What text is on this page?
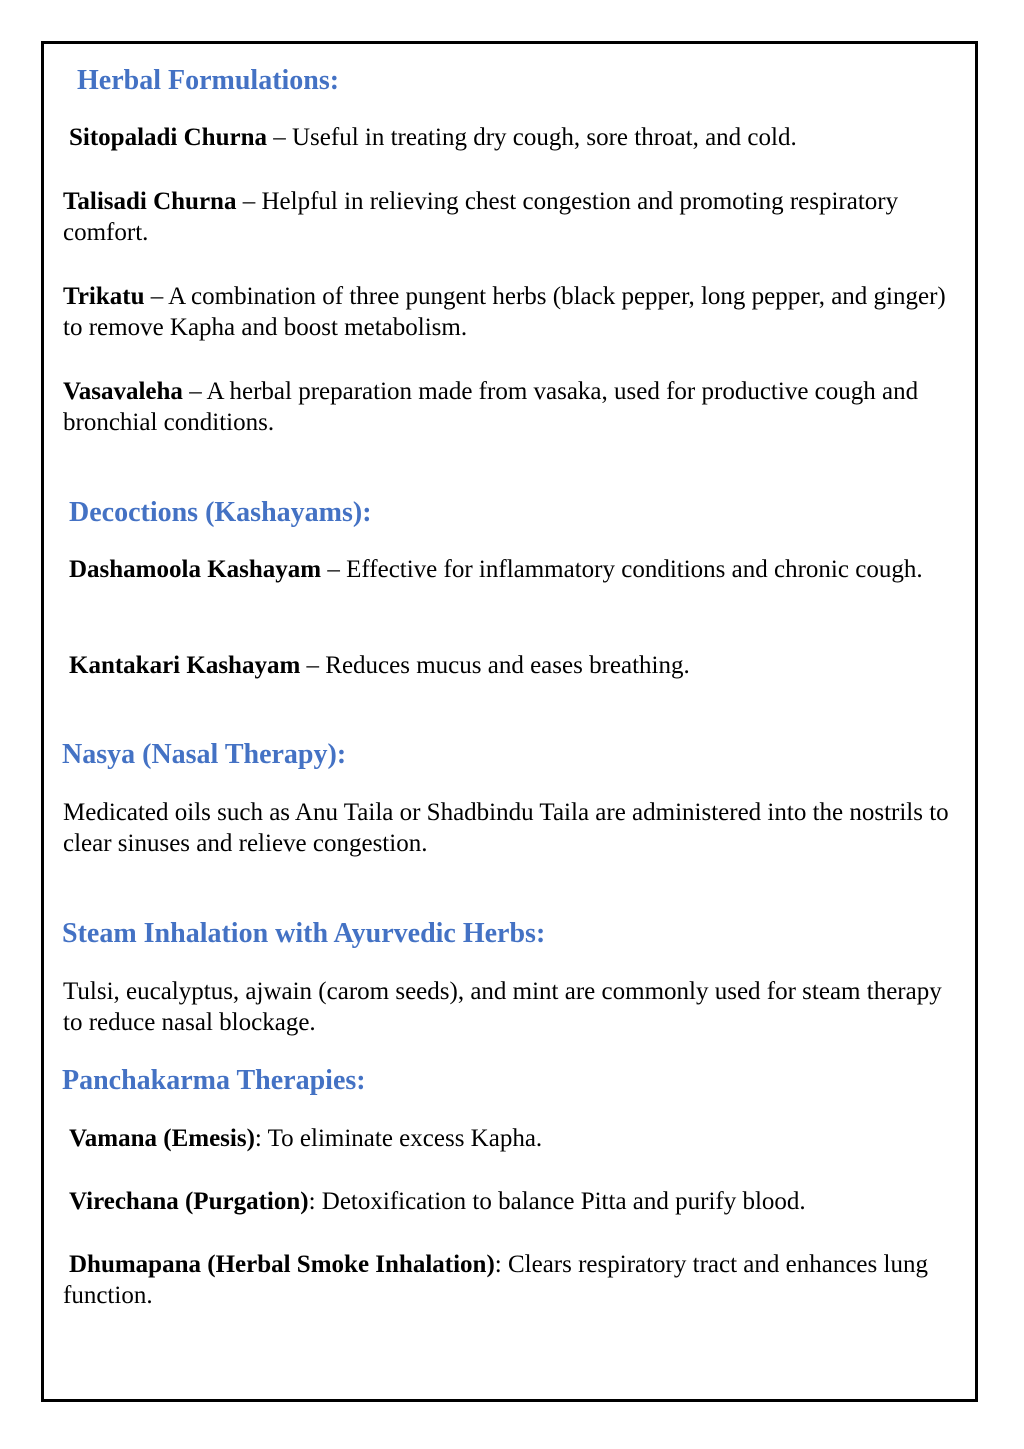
Herbal Formulations:
Sitopaladi Churna – Useful in treating dry cough, sore throat, and cold.
Talisadi Churna – Helpful in relieving chest congestion and promoting respiratory comfort.
Trikatu – A combination of three pungent herbs (black pepper, long pepper, and ginger) to remove Kapha and boost metabolism.
Vasavaleha – A herbal preparation made from vasaka, used for productive cough and bronchial conditions.
Decoctions (Kashayams):
Dashamoola Kashayam – Effective for inflammatory conditions and chronic cough.
Kantakari Kashayam – Reduces mucus and eases breathing.
Nasya (Nasal Therapy):
Medicated oils such as Anu Taila or Shadbindu Taila are administered into the nostrils to clear sinuses and relieve congestion.
Steam Inhalation with Ayurvedic Herbs:
Tulsi, eucalyptus, ajwain (carom seeds), and mint are commonly used for steam therapy to reduce nasal blockage.
Panchakarma Therapies:
Vamana (Emesis): To eliminate excess Kapha.
Virechana (Purgation): Detoxification to balance Pitta and purify blood.
Dhumapana (Herbal Smoke Inhalation): Clears respiratory tract and enhances lung function.
